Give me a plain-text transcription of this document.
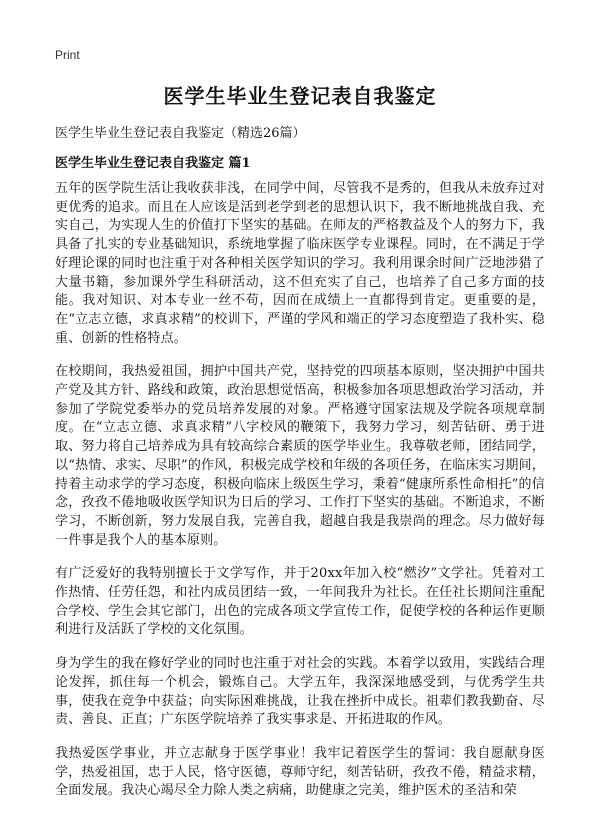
Print
医学生毕业生登记表自我鉴定
医学生毕业生登记表自我鉴定（精选26篇）
医学生毕业生登记表自我鉴定 篇1

五年的医学院生活让我收获非浅，在同学中间，尽管我不是秀的，但我从未放弃过对更优秀的追求。而且在人应该是活到老学到老的思想认识下，我不断地挑战自我、充实自己，为实现人生的价值打下坚实的基础。在师友的严格教益及个人的努力下，我具备了扎实的专业基础知识，系统地掌握了临床医学专业课程。同时，在不满足于学好理论课的同时也注重于对各种相关医学知识的学习。我利用课余时间广泛地涉猎了大量书籍，参加课外学生科研活动，这不但充实了自己，也培养了自己多方面的技能。我对知识、对本专业一丝不苟，因而在成绩上一直都得到肯定。更重要的是，在“立志立德，求真求精”的校训下，严谨的学风和端正的学习态度塑造了我朴实、稳重、创新的性格特点。

在校期间，我热爱祖国，拥护中国共产党，坚持党的四项基本原则，坚决拥护中国共产党及其方针、路线和政策，政治思想觉悟高，积极参加各项思想政治学习活动，并参加了学院党委举办的党员培养发展的对象。严格遵守国家法规及学院各项规章制度。在“立志立德、求真求精”八字校风的鞭策下，我努力学习，刻苦钻研、勇于进取、努力将自己培养成为具有较高综合素质的医学毕业生。我尊敬老师，团结同学，以“热情、求实、尽职”的作风，积极完成学校和年级的各项任务，在临床实习期间，持着主动求学的学习态度，积极向临床上级医生学习，秉着“健康所系性命相托”的信念，孜孜不倦地吸收医学知识为日后的学习、工作打下坚实的基础。不断追求，不断学习，不断创新，努力发展自我，完善自我，超越自我是我崇尚的理念。尽力做好每一件事是我个人的基本原则。

有广泛爱好的我特别擅长于文学写作，并于20xx年加入校“燃汐”文学社。凭着对工作热情、任劳任怨，和社内成员团结一致，一年间我升为社长。在任社长期间注重配合学校、学生会其它部门，出色的完成各项文学宣传工作，促使学校的各种运作更顺利进行及活跃了学校的文化氛围。

身为学生的我在修好学业的同时也注重于对社会的实践。本着学以致用，实践结合理论发挥，抓住每一个机会，锻炼自己。大学五年，我深深地感受到，与优秀学生共事，使我在竞争中获益；向实际困难挑战，让我在挫折中成长。祖辈们教我勤奋、尽责、善良、正直；广东医学院培养了我实事求是、开拓进取的作风。

我热爱医学事业，并立志献身于医学事业！我牢记着医学生的誓词：我自愿献身医学，热爱祖国，忠于人民，恪守医德，尊师守纪，刻苦钻研，孜孜不倦，精益求精，全面发展。我决心竭尽全力除人类之病痛，助健康之完美，维护医术的圣洁和荣
